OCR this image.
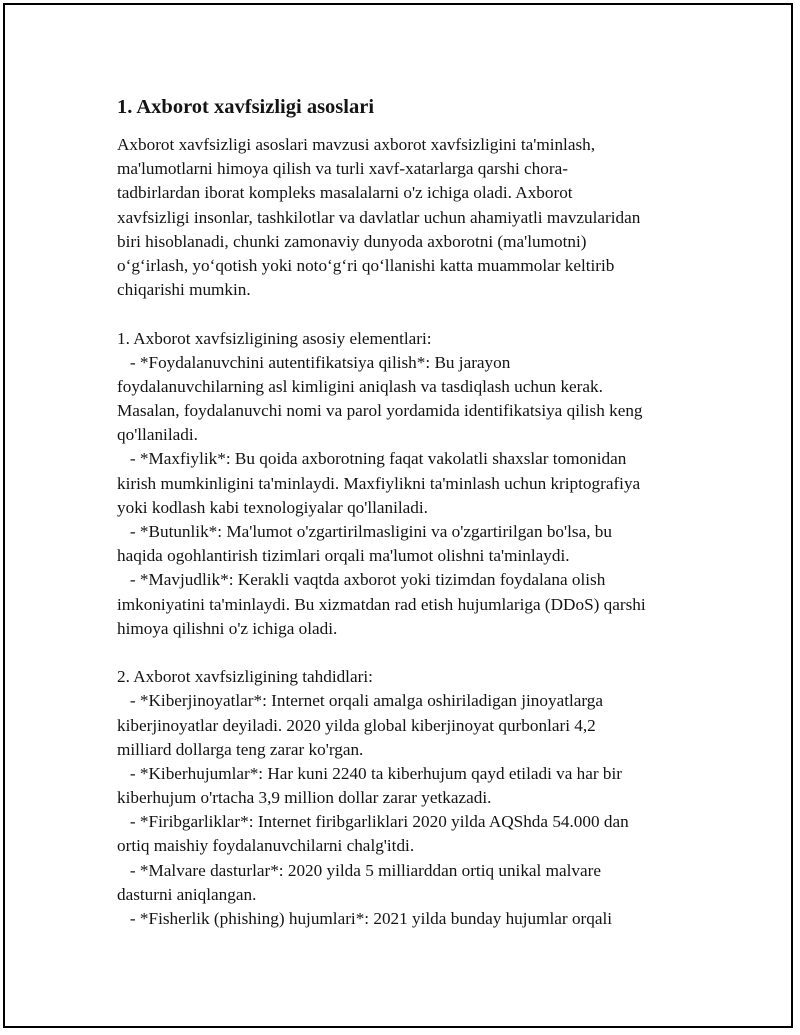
1. Axborot xavfsizligi asoslari
Axborot xavfsizligi asoslari mavzusi axborot xavfsizligini ta'minlash,
ma'lumotlarni himoya qilish va turli xavf-xatarlarga qarshi chora-
tadbirlardan iborat kompleks masalalarni o'z ichiga oladi. Axborot
xavfsizligi insonlar, tashkilotlar va davlatlar uchun ahamiyatli mavzularidan
biri hisoblanadi, chunki zamonaviy dunyoda axborotni (ma'lumotni)
o‘g‘irlash, yo‘qotish yoki noto‘g‘ri qo‘llanishi katta muammolar keltirib
chiqarishi mumkin.
1. Axborot xavfsizligining asosiy elementlari:
- *Foydalanuvchini autentifikatsiya qilish*: Bu jarayon
foydalanuvchilarning asl kimligini aniqlash va tasdiqlash uchun kerak.
Masalan, foydalanuvchi nomi va parol yordamida identifikatsiya qilish keng
qo'llaniladi.
- *Maxfiylik*: Bu qoida axborotning faqat vakolatli shaxslar tomonidan
kirish mumkinligini ta'minlaydi. Maxfiylikni ta'minlash uchun kriptografiya
yoki kodlash kabi texnologiyalar qo'llaniladi.
- *Butunlik*: Ma'lumot o'zgartirilmasligini va o'zgartirilgan bo'lsa, bu
haqida ogohlantirish tizimlari orqali ma'lumot olishni ta'minlaydi.
- *Mavjudlik*: Kerakli vaqtda axborot yoki tizimdan foydalana olish
imkoniyatini ta'minlaydi. Bu xizmatdan rad etish hujumlariga (DDoS) qarshi
himoya qilishni o'z ichiga oladi.
2. Axborot xavfsizligining tahdidlari:
- *Kiberjinoyatlar*: Internet orqali amalga oshiriladigan jinoyatlarga
kiberjinoyatlar deyiladi. 2020 yilda global kiberjinoyat qurbonlari 4,2
milliard dollarga teng zarar ko'rgan.
- *Kiberhujumlar*: Har kuni 2240 ta kiberhujum qayd etiladi va har bir
kiberhujum o'rtacha 3,9 million dollar zarar yetkazadi.
- *Firibgarliklar*: Internet firibgarliklari 2020 yilda AQShda 54.000 dan
ortiq maishiy foydalanuvchilarni chalg'itdi.
- *Malvare dasturlar*: 2020 yilda 5 milliarddan ortiq unikal malvare
dasturni aniqlangan.
- *Fisherlik (phishing) hujumlari*: 2021 yilda bunday hujumlar orqali
